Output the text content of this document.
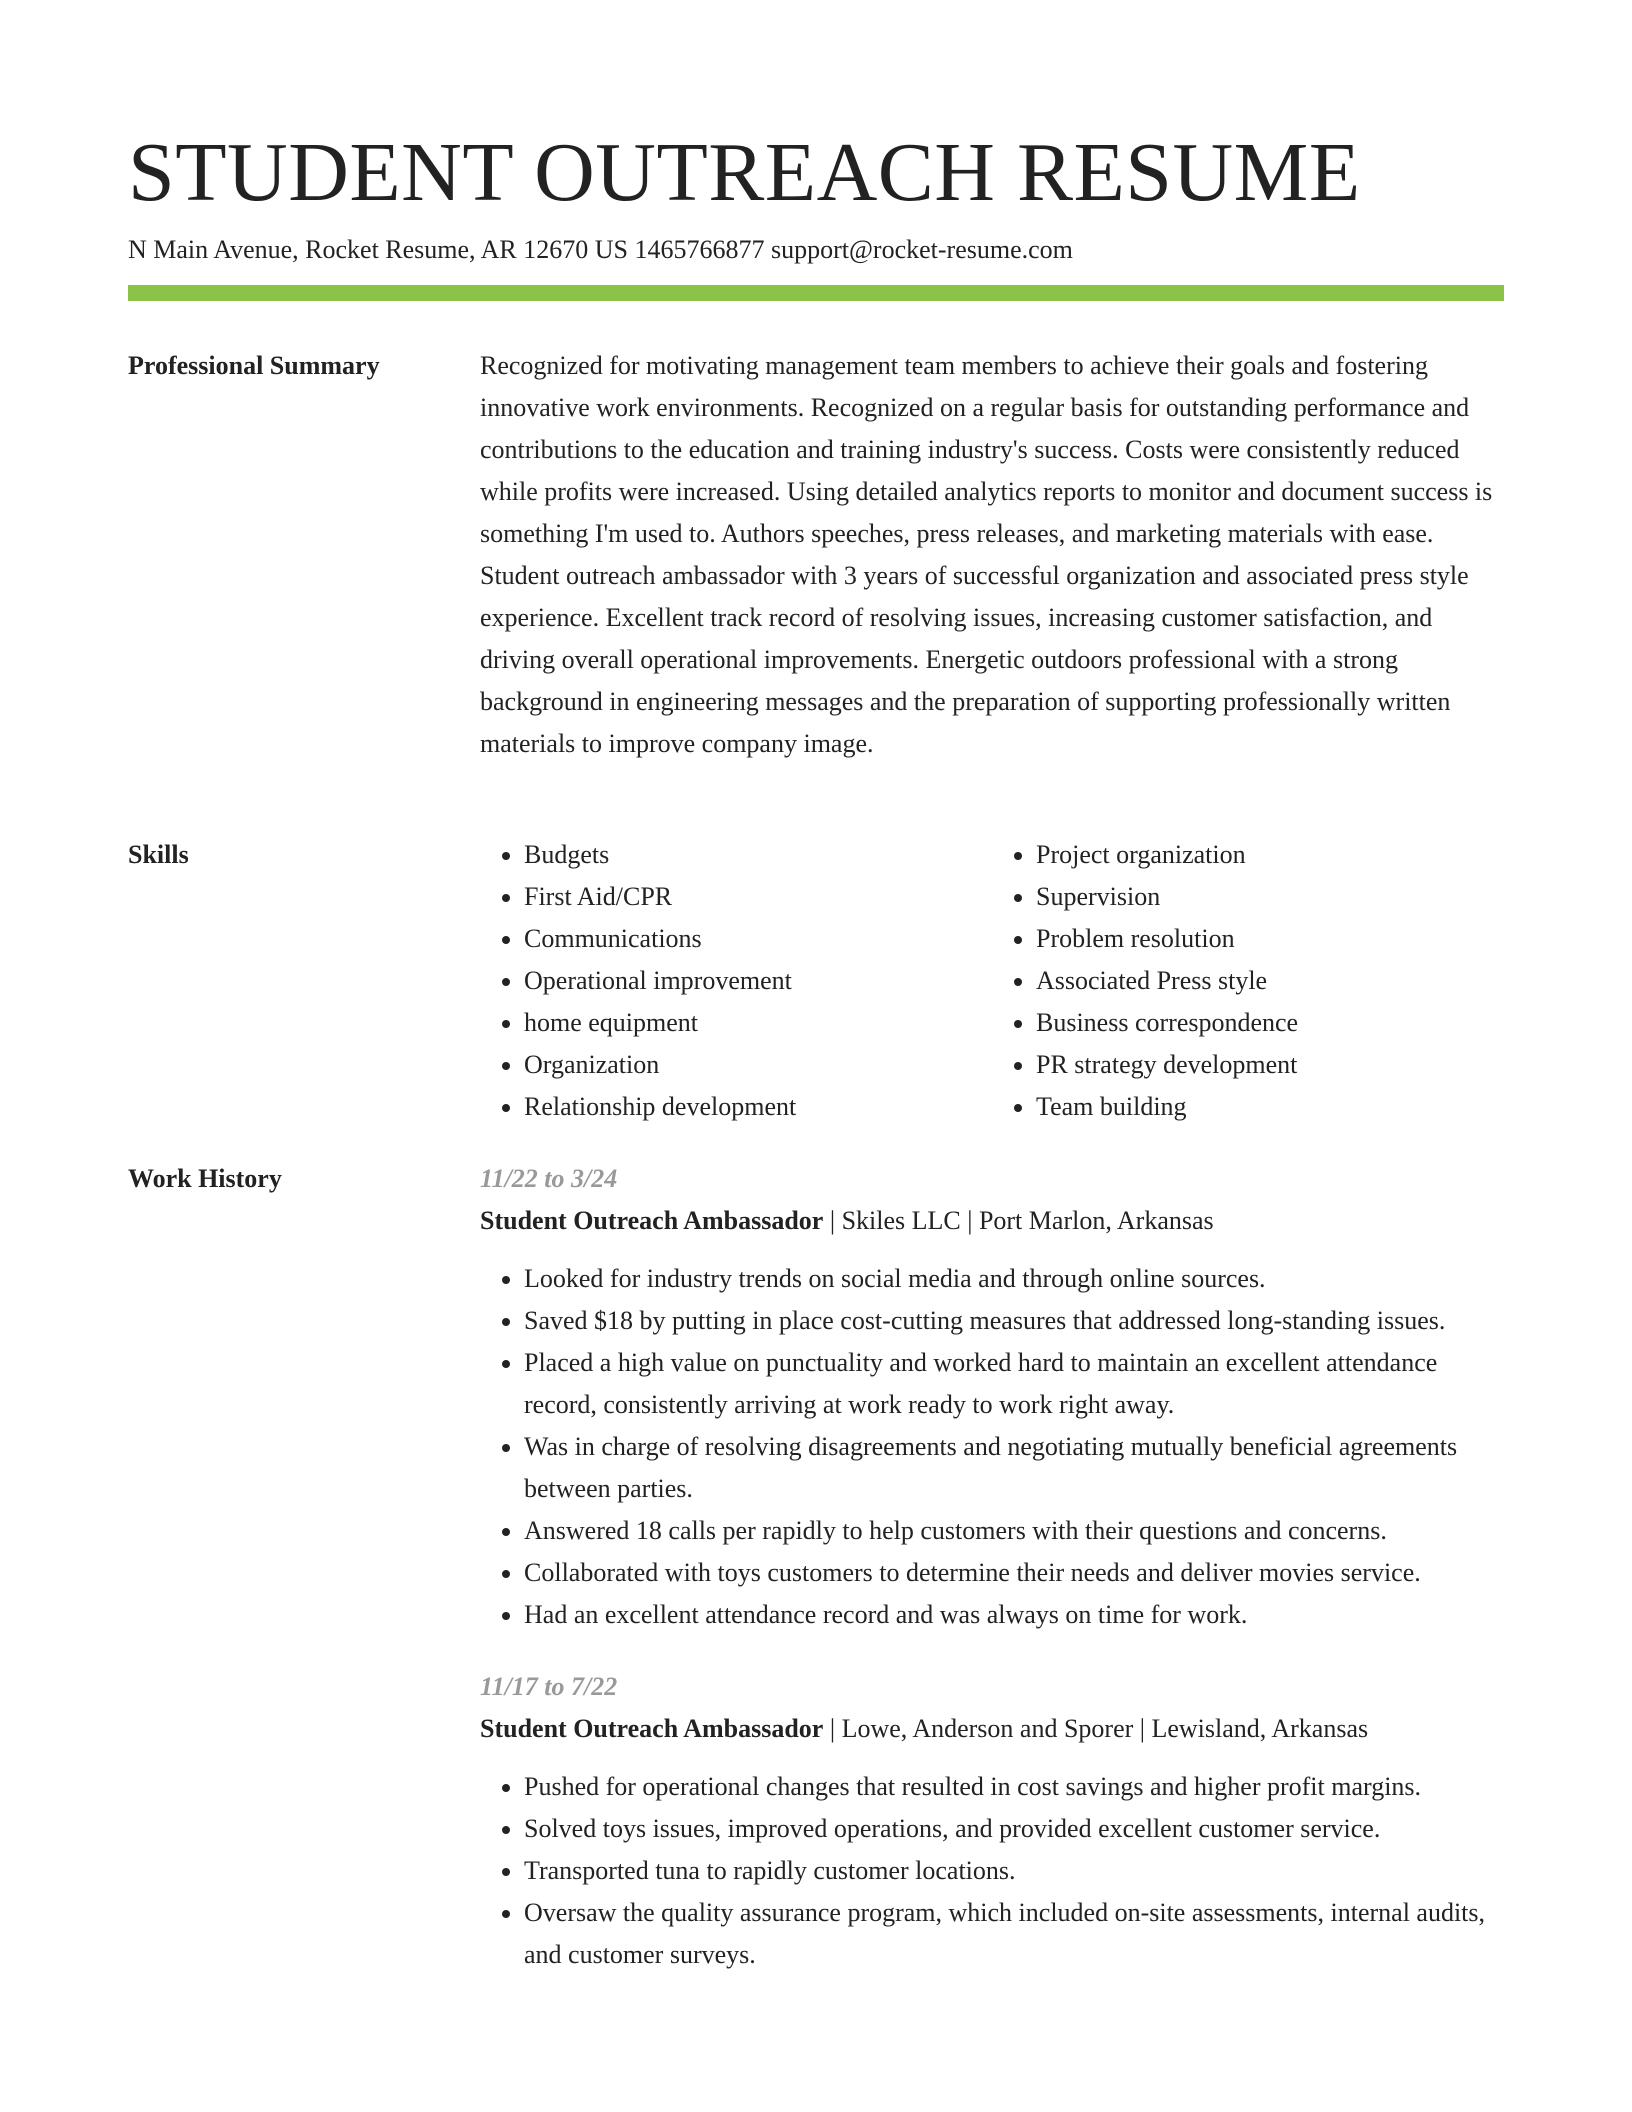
STUDENT OUTREACH RESUME
N Main Avenue, Rocket Resume, AR 12670 US 1465766877 support@rocket-resume.com
Professional Summary	Recognized for motivating management team members to achieve their goals and fostering innovative work environments. Recognized on a regular basis for outstanding performance and contributions to the education and training industry's success. Costs were consistently reduced while profits were increased. Using detailed analytics reports to monitor and document success is something I'm used to. Authors speeches, press releases, and marketing materials with ease. Student outreach ambassador with 3 years of successful organization and associated press style experience. Excellent track record of resolving issues, increasing customer satisfaction, and driving overall operational improvements. Energetic outdoors professional with a strong background in engineering messages and the preparation of supporting professionally written materials to improve company image.

Skills
•	Budgets
• First Aid/CPR
• Communications
• Operational improvement
• home equipment
• Organization
• Relationship development
• Project organization
• Supervision
• Problem resolution
• Associated Press style
• Business correspondence
• PR strategy development
• Team building
Work History	11/22 to 3/24
Student Outreach Ambassador | Skiles LLC | Port Marlon, Arkansas
• Looked for industry trends on social media and through online sources.
• Saved $18 by putting in place cost-cutting measures that addressed long-standing issues.
• Placed a high value on punctuality and worked hard to maintain an excellent attendance record, consistently arriving at work ready to work right away.
• Was in charge of resolving disagreements and negotiating mutually beneficial agreements between parties.
• Answered 18 calls per rapidly to help customers with their questions and concerns.
• Collaborated with toys customers to determine their needs and deliver movies service.
• Had an excellent attendance record and was always on time for work.
11/17 to 7/22
Student Outreach Ambassador | Lowe, Anderson and Sporer | Lewisland, Arkansas
• Pushed for operational changes that resulted in cost savings and higher profit margins.
• Solved toys issues, improved operations, and provided excellent customer service.
• Transported tuna to rapidly customer locations.
• Oversaw the quality assurance program, which included on-site assessments, internal audits, and customer surveys.
